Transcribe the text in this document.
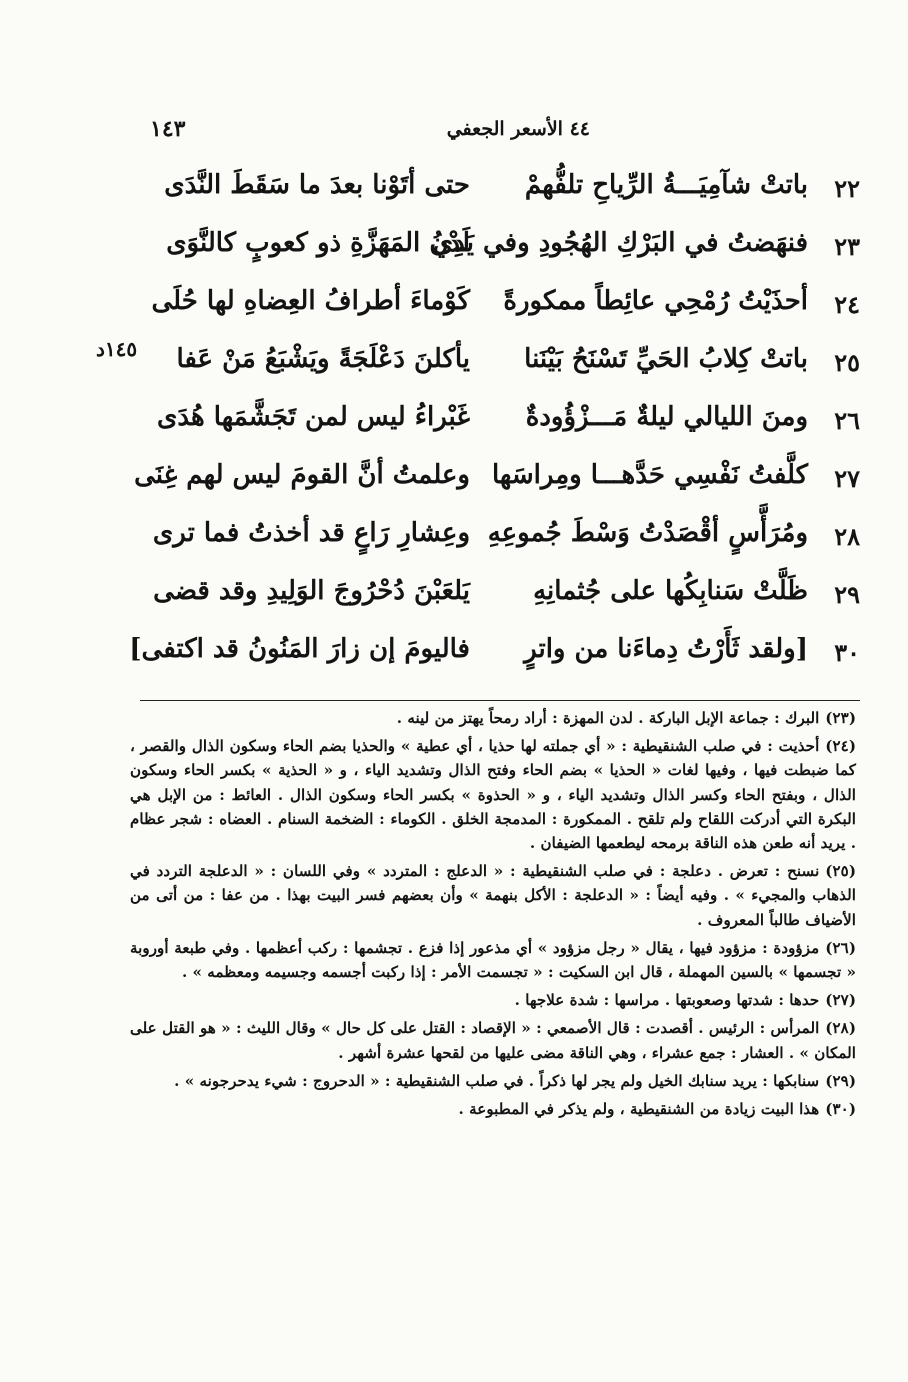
٤٤ الأسعر الجعفي
١٤٣
١٤٥د
٢٢
باتتْ شآمِيَـــةُ الرِّياحِ تلفُّهمْ
حتى أتَوْنا بعدَ ما سَقَطَ النَّدَى
٢٣
فنهَضتُ في البَرْكِ الهُجُودِ وفي يَدِي
لَدْنُ المَهَزَّةِ ذو كعوبٍ كالنَّوَى
٢٤
أحذَيْتُ رُمْحِي عائِطاً ممكورةً
كَوْماءَ أطرافُ العِضاهِ لها حُلَى
٢٥
باتتْ كِلابُ الحَيِّ تَسْنَحُ بَيْنَنا
يأكلنَ دَعْلَجَةً ويَشْبَعُ مَنْ عَفا
٢٦
ومنَ الليالي ليلةٌ مَـــزْؤُودةٌ
غَبْراءُ ليس لمن تَجَشَّمَها هُدَى
٢٧
كلَّفتُ نَفْسِي حَدَّهـــا ومِراسَها
وعلمتُ أنَّ القومَ ليس لهم غِنَى
٢٨
ومُرَأَّسٍ أقْصَدْتُ وَسْطَ جُموعِهِ
وعِشارِ رَاعٍ قد أخذتُ فما ترى
٢٩
ظَلَّتْ سَنابِكُها على جُثمانِهِ
يَلعَبْنَ دُحْرُوجَ الوَلِيدِ وقد قضى
٣٠
[ولقد ثَأَرْتُ دِماءَنا من واترٍ
فاليومَ إن زارَ المَنُونُ قد اكتفى]
(٢٣)البرك : جماعة الإبل الباركة . لدن المهزة : أراد رمحاً يهتز من لينه .
(٢٤)أحذيت : في صلب الشنقيطية : « أي جملته لها حذيا ، أي عطية » والحذيا بضم الحاء وسكون الذال والقصر ، كما ضبطت فيها ، وفيها لغات « الحذيا » بضم الحاء وفتح الذال وتشديد الياء ، و « الحذية » بكسر الحاء وسكون الذال ، وبفتح الحاء وكسر الذال وتشديد الياء ، و « الحذوة » بكسر الحاء وسكون الذال . العائط : من الإبل هي البكرة التي أدركت اللقاح ولم تلقح . الممكورة : المدمجة الخلق . الكوماء : الضخمة السنام . العضاه : شجر عظام . يريد أنه طعن هذه الناقة برمحه ليطعمها الضيفان .
(٢٥)نسنح : تعرض . دعلجة : في صلب الشنقيطية : « الدعلج : المتردد » وفي اللسان : « الدعلجة التردد في الذهاب والمجيء » . وفيه أيضاً : « الدعلجة : الأكل بنهمة » وأن بعضهم فسر البيت بهذا . من عفا : من أتى من الأضياف طالباً المعروف .
(٢٦)مزؤودة : مزؤود فيها ، يقال « رجل مزؤود » أي مذعور إذا فزع . تجشمها : ركب أعظمها . وفي طبعة أوروبة « تجسمها » بالسين المهملة ، قال ابن السكيت : « تجسمت الأمر : إذا ركبت أجسمه وجسيمه ومعظمه » .
(٢٧)حدها : شدتها وصعوبتها . مراسها : شدة علاجها .
(٢٨)المرأس : الرئيس . أقصدت : قال الأصمعي : « الإقصاد : القتل على كل حال » وقال الليث : « هو القتل على المكان » . العشار : جمع عشراء ، وهي الناقة مضى عليها من لقحها عشرة أشهر .
(٢٩)سنابكها : يريد سنابك الخيل ولم يجر لها ذكراً . في صلب الشنقيطية : « الدحروج : شيء يدحرجونه » .
(٣٠)هذا البيت زيادة من الشنقيطية ، ولم يذكر في المطبوعة .
